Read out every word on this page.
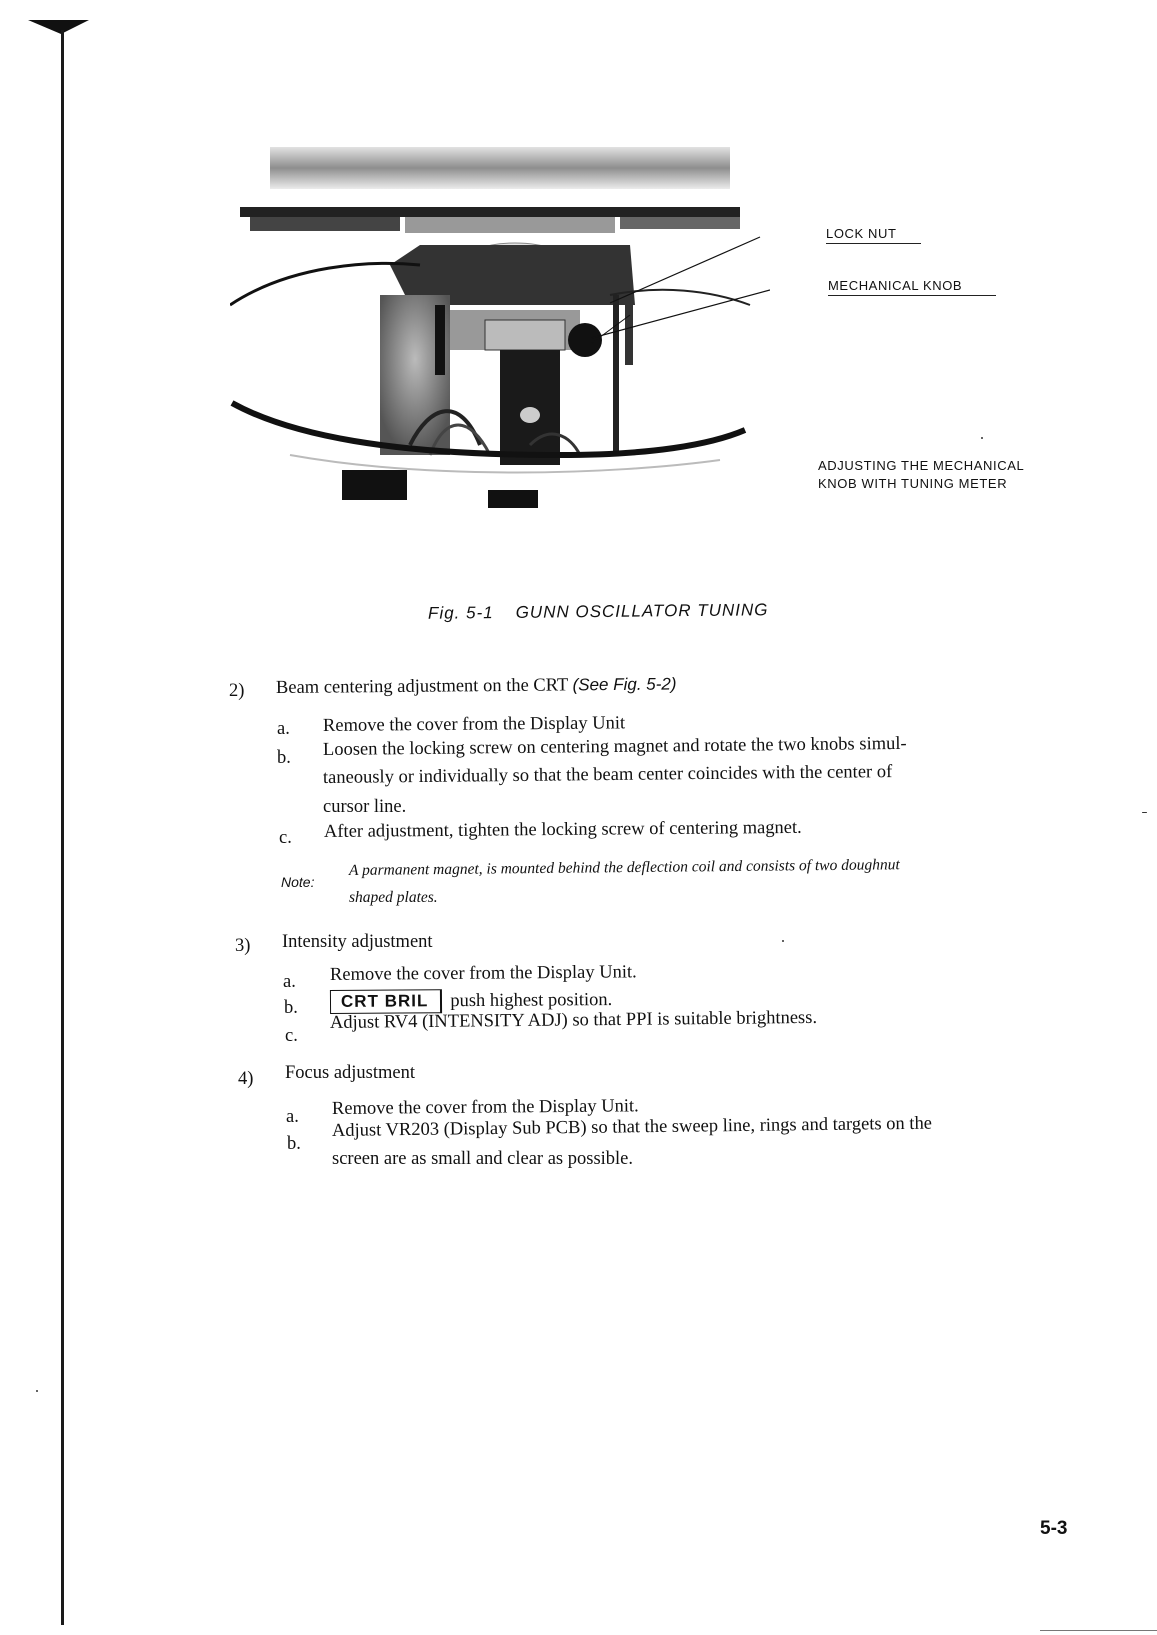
LOCK NUT
MECHANICAL KNOB
ADJUSTING THE MECHANICAL
KNOB WITH TUNING METER
Fig. 5-1 GUNN OSCILLATOR TUNING
2) Beam centering adjustment on the CRT (See Fig. 5-2)
a. Remove the cover from the Display Unit
b. Loosen the locking screw on centering magnet and rotate the two knobs simul-
taneously or individually so that the beam center coincides with the center of
cursor line.
c. After adjustment, tighten the locking screw of centering magnet.
Note:
A parmanent magnet, is mounted behind the deflection coil and consists of two doughnut
shaped plates.
3) Intensity adjustment
a. Remove the cover from the Display Unit.
b.	CRT BRIL push highest position.
c.
Adjust RV4 (INTENSITY ADJ) so that PPI is suitable brightness.
4) Focus adjustment
a. Remove the cover from the Display Unit.
b.
Adjust VR203 (Display Sub PCB) so that the sweep line, rings and targets on the
screen are as small and clear as possible.
5-3
